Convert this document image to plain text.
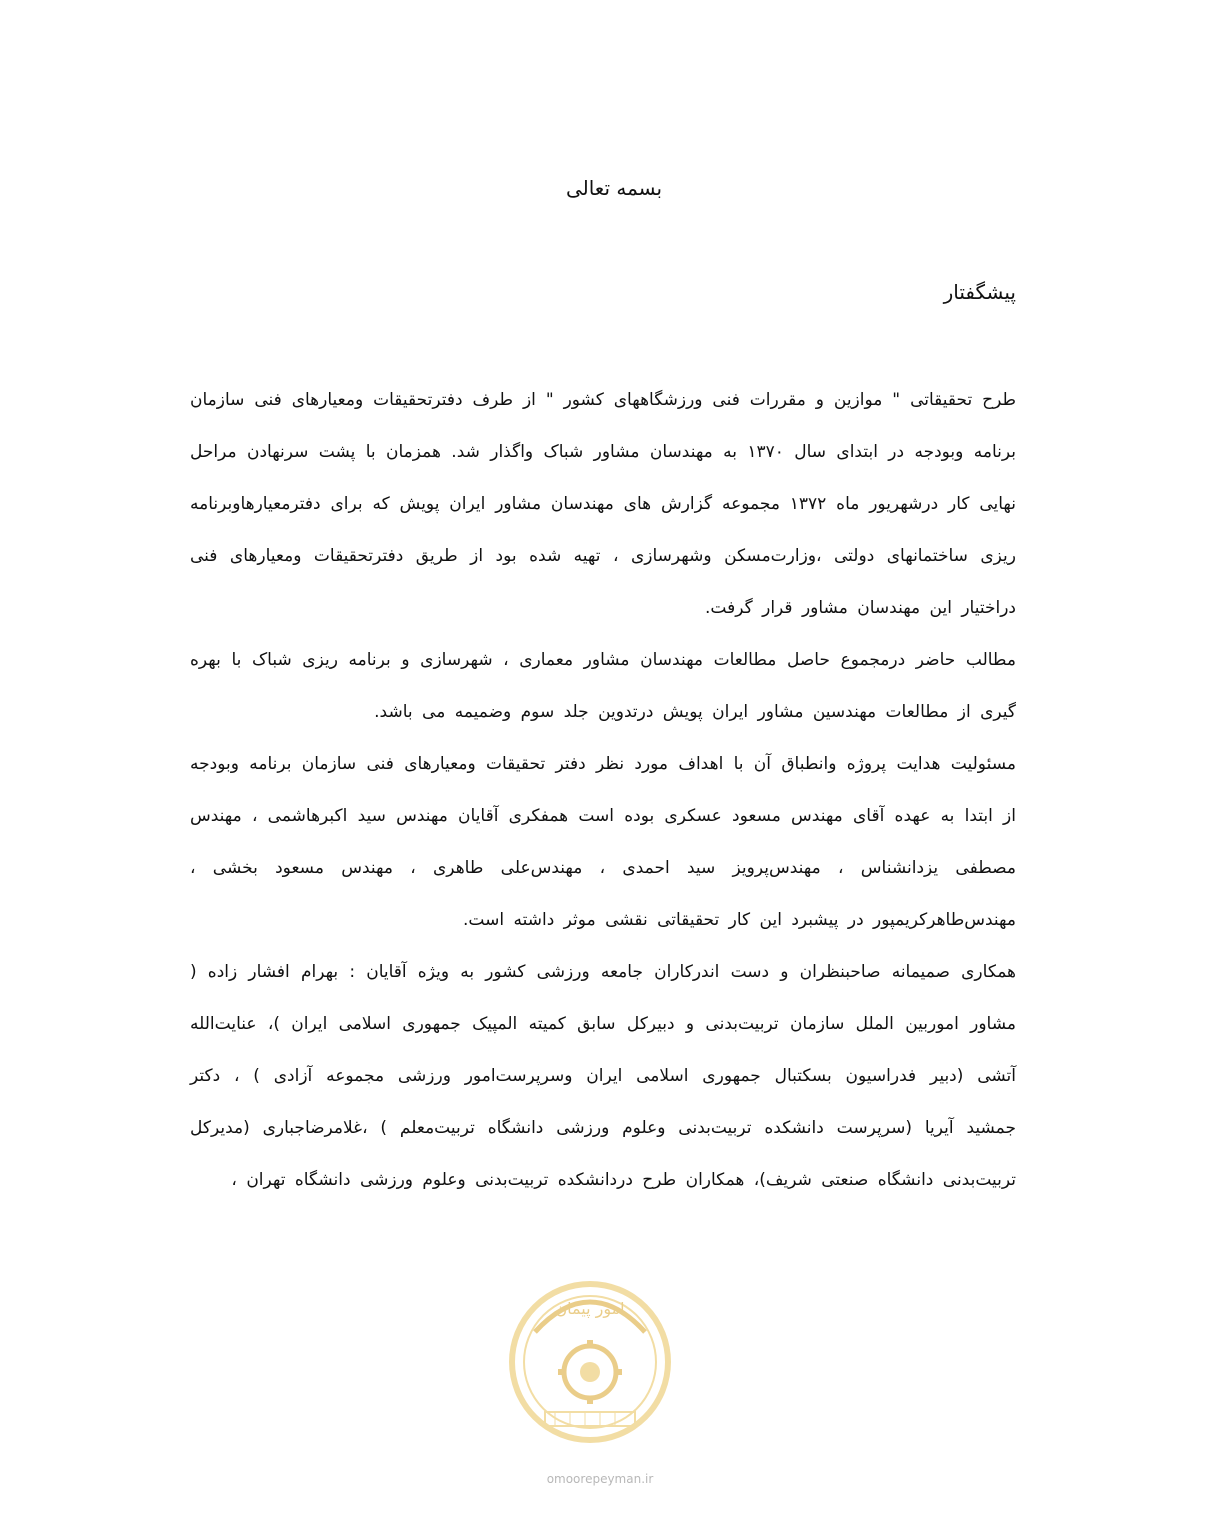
بسمه تعالی
پیشگفتار

طرح تحقیقاتی " موازین و مقررات فنی ورزشگاههای کشور " از طرف دفترتحقیقات ومعیارهای فنی سازمان برنامه وبودجه در ابتدای سال ۱۳۷۰ به مهندسان مشاور شباک واگذار شد. همزمان با پشت سرنهادن مراحل نهایی کار درشهریور ماه ۱۳۷۲ مجموعه گزارش های مهندسان مشاور ایران پویش که برای دفترمعیارهاوبرنامه ریزی ساختمانهای دولتی ،وزارت‌مسکن وشهرسازی ، تهیه شده بود از طریق دفترتحقیقات ومعیارهای فنی دراختیار این مهندسان مشاور قرار گرفت.

مطالب حاضر درمجموع حاصل مطالعات مهندسان مشاور معماری ، شهرسازی و برنامه ریزی شباک با بهره گیری از مطالعات مهندسین مشاور ایران پویش درتدوین جلد سوم وضمیمه می باشد.

مسئولیت هدایت پروژه وانطباق آن با اهداف مورد نظر دفتر تحقیقات ومعیارهای فنی سازمان برنامه وبودجه از ابتدا به عهده آقای مهندس مسعود عسکری بوده است همفکری آقایان مهندس سید اکبرهاشمی ، مهندس مصطفی یزدانشناس ، مهندس‌پرویز سید احمدی ، مهندس‌علی طاهری ، مهندس مسعود بخشی ، مهندس‌طاهرکریمپور در پیشبرد این کار تحقیقاتی نقشی موثر داشته است.

همکاری صمیمانه صاحبنظران و دست اندرکاران جامعه ورزشی کشور به ویژه آقایان : بهرام افشار زاده ( مشاور اموربین الملل سازمان تربیت‌بدنی و دبیرکل سابق کمیته المپیک جمهوری اسلامی ایران )، عنایت‌الله آتشی (دبیر فدراسیون بسکتبال جمهوری اسلامی ایران وسرپرست‌امور ورزشی مجموعه آزادی ) ، دکتر جمشید آیریا (سرپرست دانشکده تربیت‌بدنی وعلوم ورزشی دانشگاه تربیت‌معلم ) ،غلامرضاجباری (مدیرکل تربیت‌بدنی دانشگاه صنعتی شریف)، همکاران طرح دردانشکده تربیت‌بدنی وعلوم ورزشی دانشگاه تهران ،

امور پیمان
omoorepeyman.ir
